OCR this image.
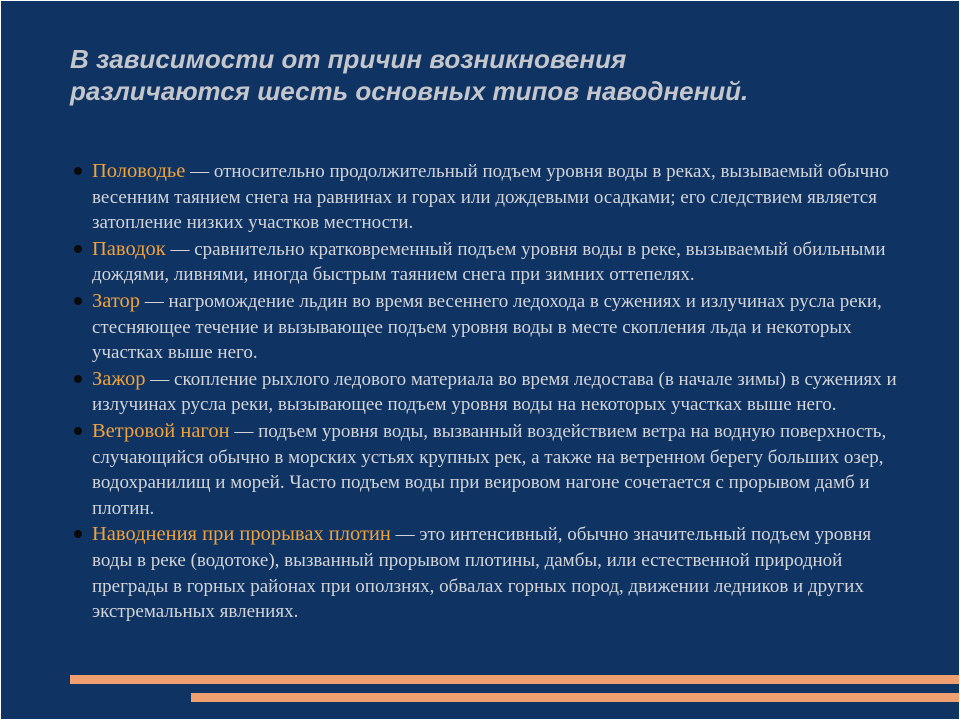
В зависимости от причин возникновения
различаются шесть основных типов наводнений.
Половодье — относительно продолжительный подъем уровня воды в реках, вызываемый обычно весенним таянием снега на равнинах и горах или дождевыми осадками; его следствием является затопление низких участков местности.
Паводок — сравнительно кратковременный подъем уровня воды в реке, вызываемый обильными дождями, ливнями, иногда быстрым таянием снега при зимних оттепелях.
Затор — нагромождение льдин во время весеннего ледохода в сужениях и излучинах русла реки, стесняющее течение и вызывающее подъем уровня воды в месте скопления льда и некоторых участках выше него.
Зажор — скопление рыхлого ледового материала во время ледостава (в начале зимы) в сужениях и излучинах русла реки, вызывающее подъем уровня воды на некоторых участках выше него.
Ветровой нагон — подъем уровня воды, вызванный воздействием ветра на водную поверхность, случающийся обычно в морских устьях крупных рек, а также на ветренном берегу больших озер, водохранилищ и морей. Часто подъем воды при веировом нагоне сочетается с прорывом дамб и плотин.
Наводнения при прорывах плотин — это интенсивный, обычно значительный подъем уровня воды в реке (водотоке), вызванный прорывом плотины, дамбы, или естественной природной преграды в горных районах при оползнях, обвалах горных пород, движении ледников и других экстремальных явлениях.
